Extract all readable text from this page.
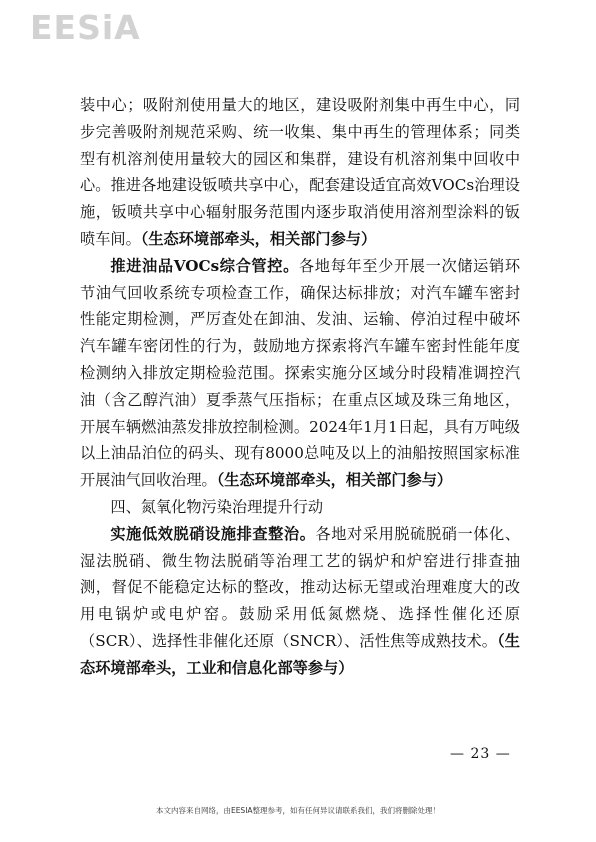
EESiA

装中心；吸附剂使用量大的地区，建设吸附剂集中再生中心，同步完善吸附剂规范采购、统一收集、集中再生的管理体系；同类型有机溶剂使用量较大的园区和集群，建设有机溶剂集中回收中心。推进各地建设钣喷共享中心，配套建设适宜高效VOCs治理设施，钣喷共享中心辐射服务范围内逐步取消使用溶剂型涂料的钣喷车间。（生态环境部牵头，相关部门参与）

推进油品VOCs综合管控。各地每年至少开展一次储运销环节油气回收系统专项检查工作，确保达标排放；对汽车罐车密封性能定期检测，严厉查处在卸油、发油、运输、停泊过程中破坏汽车罐车密闭性的行为，鼓励地方探索将汽车罐车密封性能年度检测纳入排放定期检验范围。探索实施分区域分时段精准调控汽油（含乙醇汽油）夏季蒸气压指标；在重点区域及珠三角地区，开展车辆燃油蒸发排放控制检测。2024年1月1日起，具有万吨级以上油品泊位的码头、现有8000总吨及以上的油船按照国家标准开展油气回收治理。（生态环境部牵头，相关部门参与）

四、氮氧化物污染治理提升行动

实施低效脱硝设施排查整治。各地对采用脱硫脱硝一体化、湿法脱硝、微生物法脱硝等治理工艺的锅炉和炉窑进行排查抽测，督促不能稳定达标的整改，推动达标无望或治理难度大的改用电锅炉或电炉窑。鼓励采用低氮燃烧、选择性催化还原（SCR）、选择性非催化还原（SNCR）、活性焦等成熟技术。（生态环境部牵头，工业和信息化部等参与）

— 23 —
本文内容来自网络，由EESIA整理参考，如有任何异议请联系我们，我们将删除处理！
